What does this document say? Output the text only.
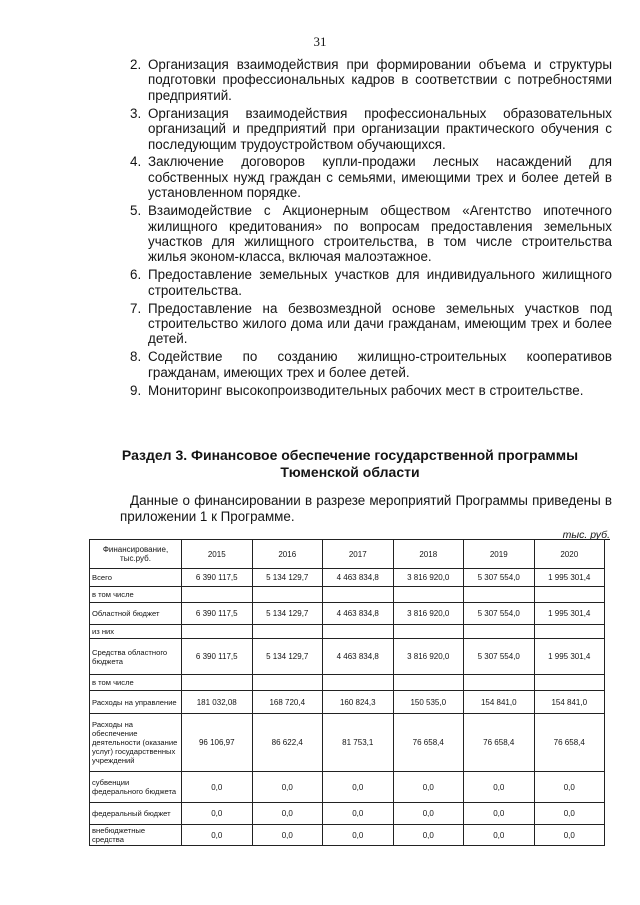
31
2. Организация взаимодействия при формировании объема и структуры подготовки профессиональных кадров в соответствии с потребностями предприятий.
3. Организация взаимодействия профессиональных образовательных организаций и предприятий при организации практического обучения с последующим трудоустройством обучающихся.
4. Заключение договоров купли-продажи лесных насаждений для собственных нужд граждан с семьями, имеющими трех и более детей в установленном порядке.
5. Взаимодействие с Акционерным обществом «Агентство ипотечного жилищного кредитования» по вопросам предоставления земельных участков для жилищного строительства, в том числе строительства жилья эконом-класса, включая малоэтажное.
6. Предоставление земельных участков для индивидуального жилищного строительства.
7. Предоставление на безвозмездной основе земельных участков под строительство жилого дома или дачи гражданам, имеющим трех и более детей.
8. Содействие по созданию жилищно-строительных кооперативов гражданам, имеющих трех и более детей.
9. Мониторинг высокопроизводительных рабочих мест в строительстве.
Раздел 3. Финансовое обеспечение государственной программы Тюменской области
Данные о финансировании в разрезе мероприятий Программы приведены в приложении 1 к Программе.
тыс. руб.
Финансирование, тыс.руб.	2015	2016	2017	2018	2019	2020
Всего	6 390 117,5	5 134 129,7	4 463 834,8	3 816 920,0	5 307 554,0	1 995 301,4
в том числе						
Областной бюджет	6 390 117,5	5 134 129,7	4 463 834,8	3 816 920,0	5 307 554,0	1 995 301,4
из них						
Средства областного бюджета	6 390 117,5	5 134 129,7	4 463 834,8	3 816 920,0	5 307 554,0	1 995 301,4
в том числе						
Расходы на управление	181 032,08	168 720,4	160 824,3	150 535,0	154 841,0	154 841,0
Расходы на обеспечение деятельности (оказание услуг) государственных учреждений	96 106,97	86 622,4	81 753,1	76 658,4	76 658,4	76 658,4
субвенции федерального бюджета	0,0	0,0	0,0	0,0	0,0	0,0
федеральный бюджет	0,0	0,0	0,0	0,0	0,0	0,0
внебюджетные средства	0,0	0,0	0,0	0,0	0,0	0,0
